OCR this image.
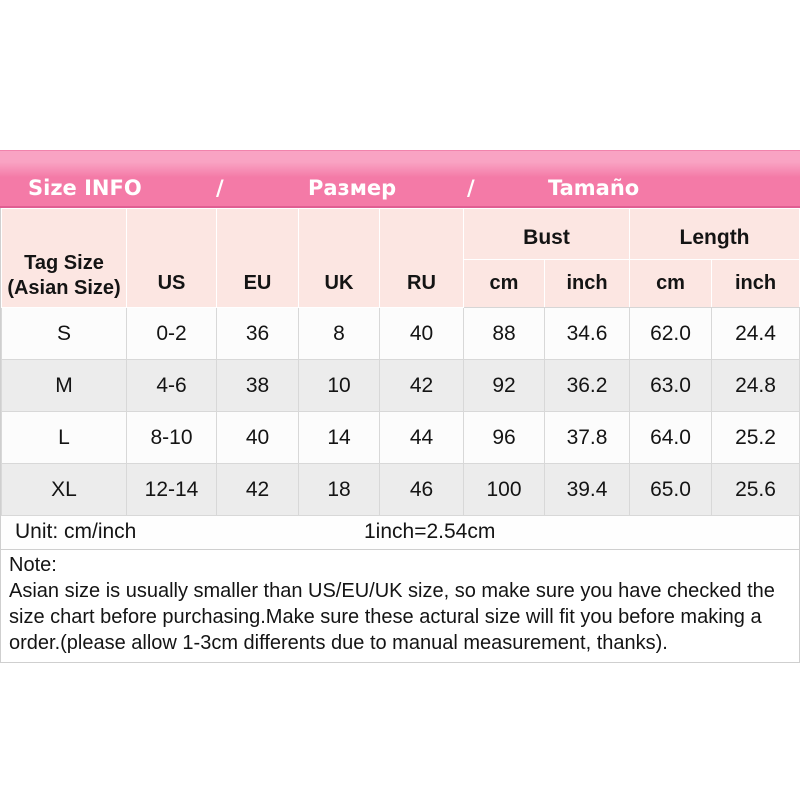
Size INFO	/	Размер	/	Tamaño
Tag Size
(Asian Size)	US	EU	UK	RU	Bust		Length	
					cm	inch	cm	inch
S	0-2	36	8	40	88	34.6	62.0	24.4
M	4-6	38	10	42	92	36.2	63.0	24.8
L	8-10	40	14	44	96	37.8	64.0	25.2
XL	12-14	42	18	46	100	39.4	65.0	25.6
Unit: cm/inch	1inch=2.54cm
Note:
Asian size is usually smaller than US/EU/UK size, so make sure you have checked the
size chart before purchasing.Make sure these actural size will fit you before making a
order.(please allow 1-3cm differents due to manual measurement, thanks).
